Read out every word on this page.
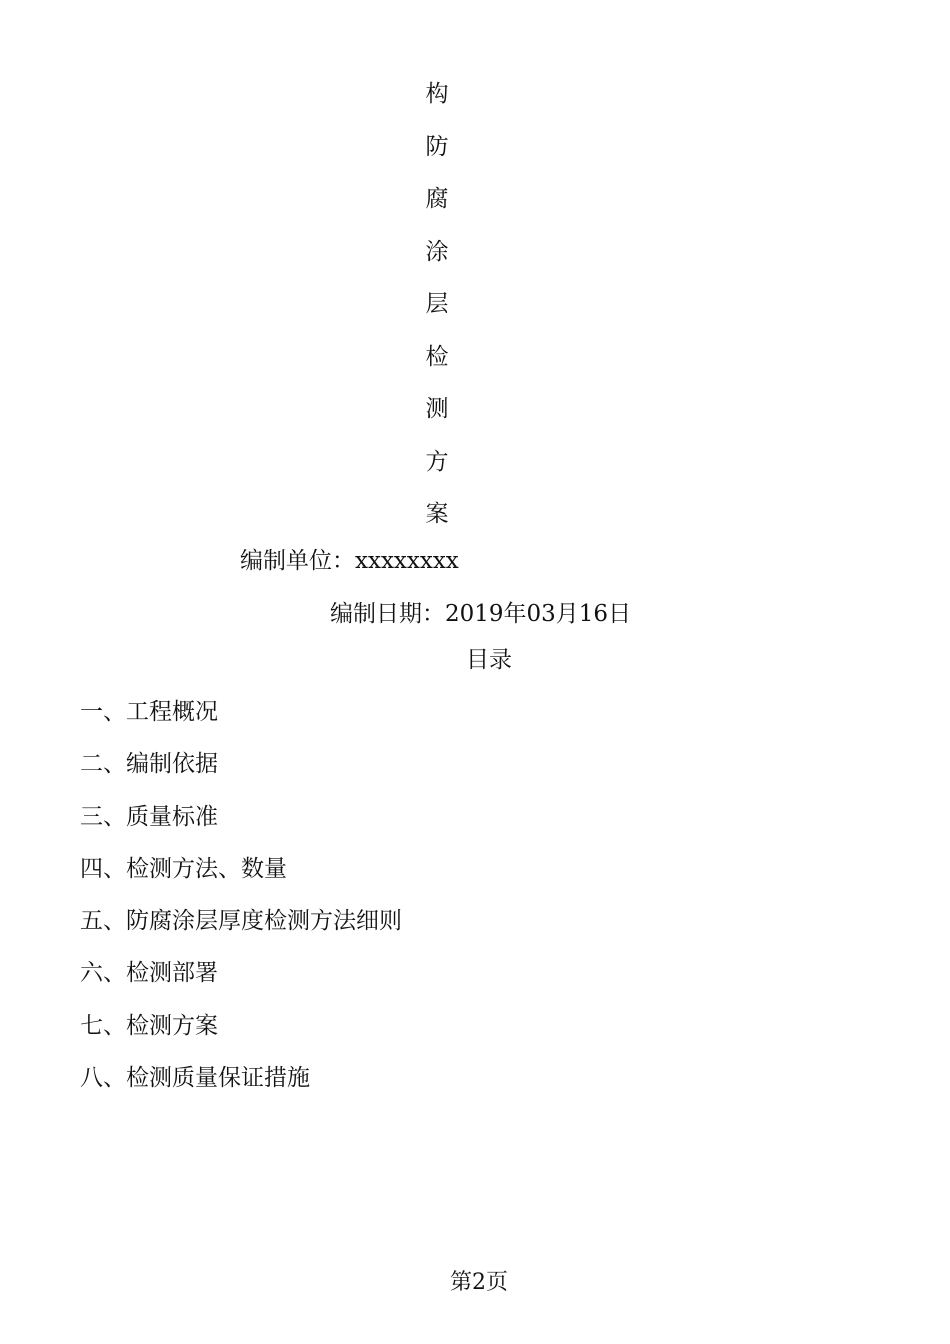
构
防
腐
涂
层
检
测
方
案
编制单位：xxxxxxxx
编制日期：2019年03月16日
目录
一、工程概况
二、编制依据
三、质量标准
四、检测方法、数量
五、防腐涂层厚度检测方法细则
六、检测部署
七、检测方案
八、检测质量保证措施
第2页
